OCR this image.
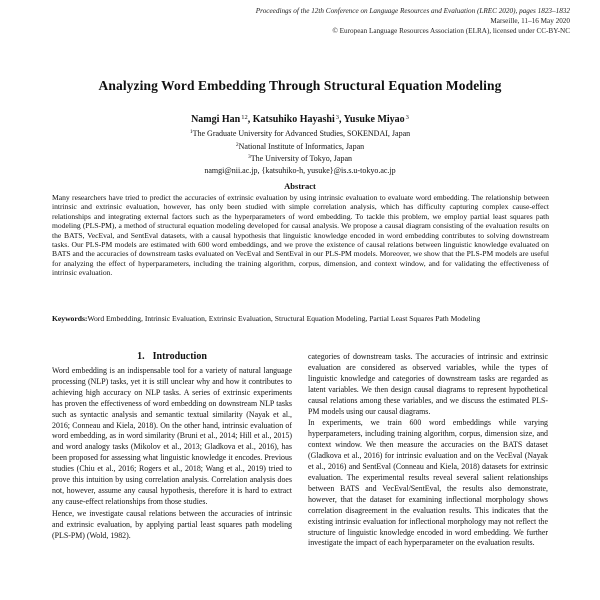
Proceedings of the 12th Conference on Language Resources and Evaluation (LREC 2020), pages 1823–1832
Marseille, 11–16 May 2020
© European Language Resources Association (ELRA), licensed under CC-BY-NC
Analyzing Word Embedding Through Structural Equation Modeling
Namgi Han$^{12}$, Katsuhiko Hayashi$^3$, Yusuke Miyao$^3$
$^1$The Graduate University for Advanced Studies, SOKENDAI, Japan
$^2$National Institute of Informatics, Japan
$^3$The University of Tokyo, Japan
namgi@nii.ac.jp, {katsuhiko-h, yusuke}@is.s.u-tokyo.ac.jp
Abstract
Many researchers have tried to predict the accuracies of extrinsic evaluation by using intrinsic evaluation to evaluate word embedding. The relationship between intrinsic and extrinsic evaluation, however, has only been studied with simple correlation analysis, which has difficulty capturing complex cause-effect relationships and integrating external factors such as the hyperparameters of word embedding. To tackle this problem, we employ partial least squares path modeling (PLS-PM), a method of structural equation modeling developed for causal analysis. We propose a causal diagram consisting of the evaluation results on the BATS, VecEval, and SentEval datasets, with a causal hypothesis that linguistic knowledge encoded in word embedding contributes to solving downstream tasks. Our PLS-PM models are estimated with 600 word embeddings, and we prove the existence of causal relations between linguistic knowledge evaluated on BATS and the accuracies of downstream tasks evaluated on VecEval and SentEval in our PLS-PM models. Moreover, we show that the PLS-PM models are useful for analyzing the effect of hyperparameters, including the training algorithm, corpus, dimension, and context window, and for validating the effectiveness of intrinsic evaluation.
Keywords:Word Embedding, Intrinsic Evaluation, Extrinsic Evaluation, Structural Equation Modeling, Partial Least Squares Path Modeling
1. Introduction

Word embedding is an indispensable tool for a variety of natural language processing (NLP) tasks, yet it is still unclear why and how it contributes to achieving high accuracy on NLP tasks. A series of extrinsic experiments has proven the effectiveness of word embedding on downstream NLP tasks such as syntactic analysis and semantic textual similarity (Nayak et al., 2016; Conneau and Kiela, 2018). On the other hand, intrinsic evaluation of word embedding, as in word similarity (Bruni et al., 2014; Hill et al., 2015) and word analogy tasks (Mikolov et al., 2013; Gladkova et al., 2016), has been proposed for assessing what linguistic knowledge it encodes. Previous studies (Chiu et al., 2016; Rogers et al., 2018; Wang et al., 2019) tried to prove this intuition by using correlation analysis. Correlation analysis does not, however, assume any causal hypothesis, therefore it is hard to extract any cause-effect relationships from those studies.

Hence, we investigate causal relations between the accuracies of intrinsic and extrinsic evaluation, by applying partial least squares path modeling (PLS-PM) (Wold, 1982).

categories of downstream tasks. The accuracies of intrinsic and extrinsic evaluation are considered as observed variables, while the types of linguistic knowledge and categories of downstream tasks are regarded as latent variables. We then design causal diagrams to represent hypothetical causal relations among these variables, and we discuss the estimated PLS-PM models using our causal diagrams.

In experiments, we train 600 word embeddings while varying hyperparameters, including training algorithm, corpus, dimension size, and context window. We then measure the accuracies on the BATS dataset (Gladkova et al., 2016) for intrinsic evaluation and on the VecEval (Nayak et al., 2016) and SentEval (Conneau and Kiela, 2018) datasets for extrinsic evaluation. The experimental results reveal several salient relationships between BATS and VecEval/SentEval, the results also demonstrate, however, that the dataset for examining inflectional morphology shows correlation disagreement in the evaluation results. This indicates that the existing intrinsic evaluation for inflectional morphology may not reflect the structure of linguistic knowledge encoded in word embedding. We further investigate the impact of each hyperparameter on the evaluation results.
